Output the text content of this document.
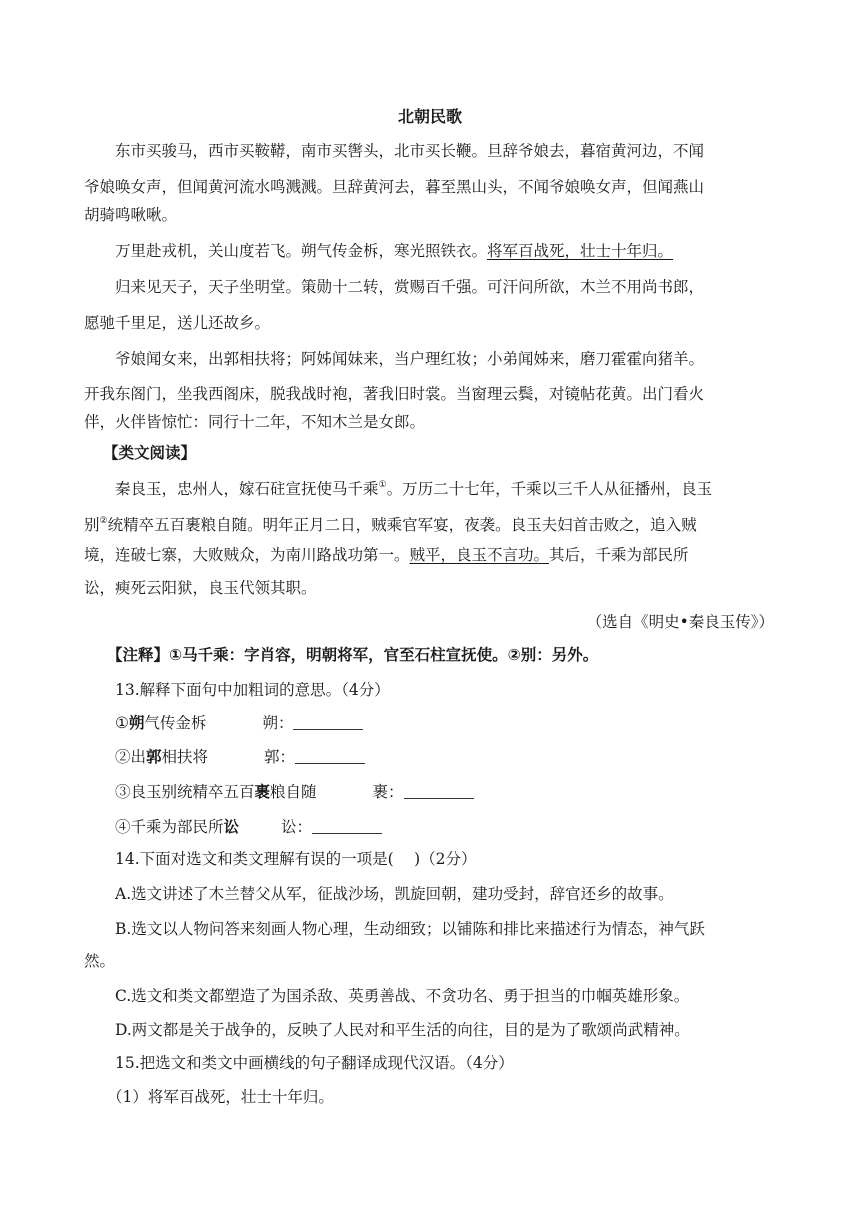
北朝民歌
东市买骏马，西市买鞍鞯，南市买辔头，北市买长鞭。旦辞爷娘去，暮宿黄河边，不闻
爷娘唤女声，但闻黄河流水鸣溅溅。旦辞黄河去，暮至黑山头，不闻爷娘唤女声，但闻燕山
胡骑鸣啾啾。
万里赴戎机，关山度若飞。朔气传金柝，寒光照铁衣。将军百战死，壮士十年归。
归来见天子，天子坐明堂。策勋十二转，赏赐百千强。可汗问所欲，木兰不用尚书郎，
愿驰千里足，送儿还故乡。
爷娘闻女来，出郭相扶将；阿姊闻妹来，当户理红妆；小弟闻姊来，磨刀霍霍向猪羊。
开我东阁门，坐我西阁床，脱我战时袍，著我旧时裳。当窗理云鬓，对镜帖花黄。出门看火
伴，火伴皆惊忙：同行十二年，不知木兰是女郎。
【类文阅读】
秦良玉，忠州人，嫁石砫宣抚使马千乘①。万历二十七年，千乘以三千人从征播州，良玉
别②统精卒五百裹粮自随。明年正月二日，贼乘官军宴，夜袭。良玉夫妇首击败之，追入贼
境，连破七寨，大败贼众，为南川路战功第一。贼平，良玉不言功。其后，千乘为部民所
讼，瘐死云阳狱，良玉代领其职。
（选自《明史•秦良玉传》）
【注释】①马千乘：字肖容，明朝将军，官至石柱宣抚使。②别：另外。
13.解释下面句中加粗词的意思。（4分）
①朔气传金柝	朔：
②出郭相扶将	郭：
③良玉别统精卒五百裹粮自随	裹：
④千乘为部民所讼	讼：
14.下面对选文和类文理解有误的一项是(　 )（2分）
A.选文讲述了木兰替父从军，征战沙场，凯旋回朝，建功受封，辞官还乡的故事。
B.选文以人物问答来刻画人物心理，生动细致；以铺陈和排比来描述行为情态，神气跃
然。
C.选文和类文都塑造了为国杀敌、英勇善战、不贪功名、勇于担当的巾帼英雄形象。
D.两文都是关于战争的，反映了人民对和平生活的向往，目的是为了歌颂尚武精神。
15.把选文和类文中画横线的句子翻译成现代汉语。（4分）
（1）将军百战死，壮士十年归。
